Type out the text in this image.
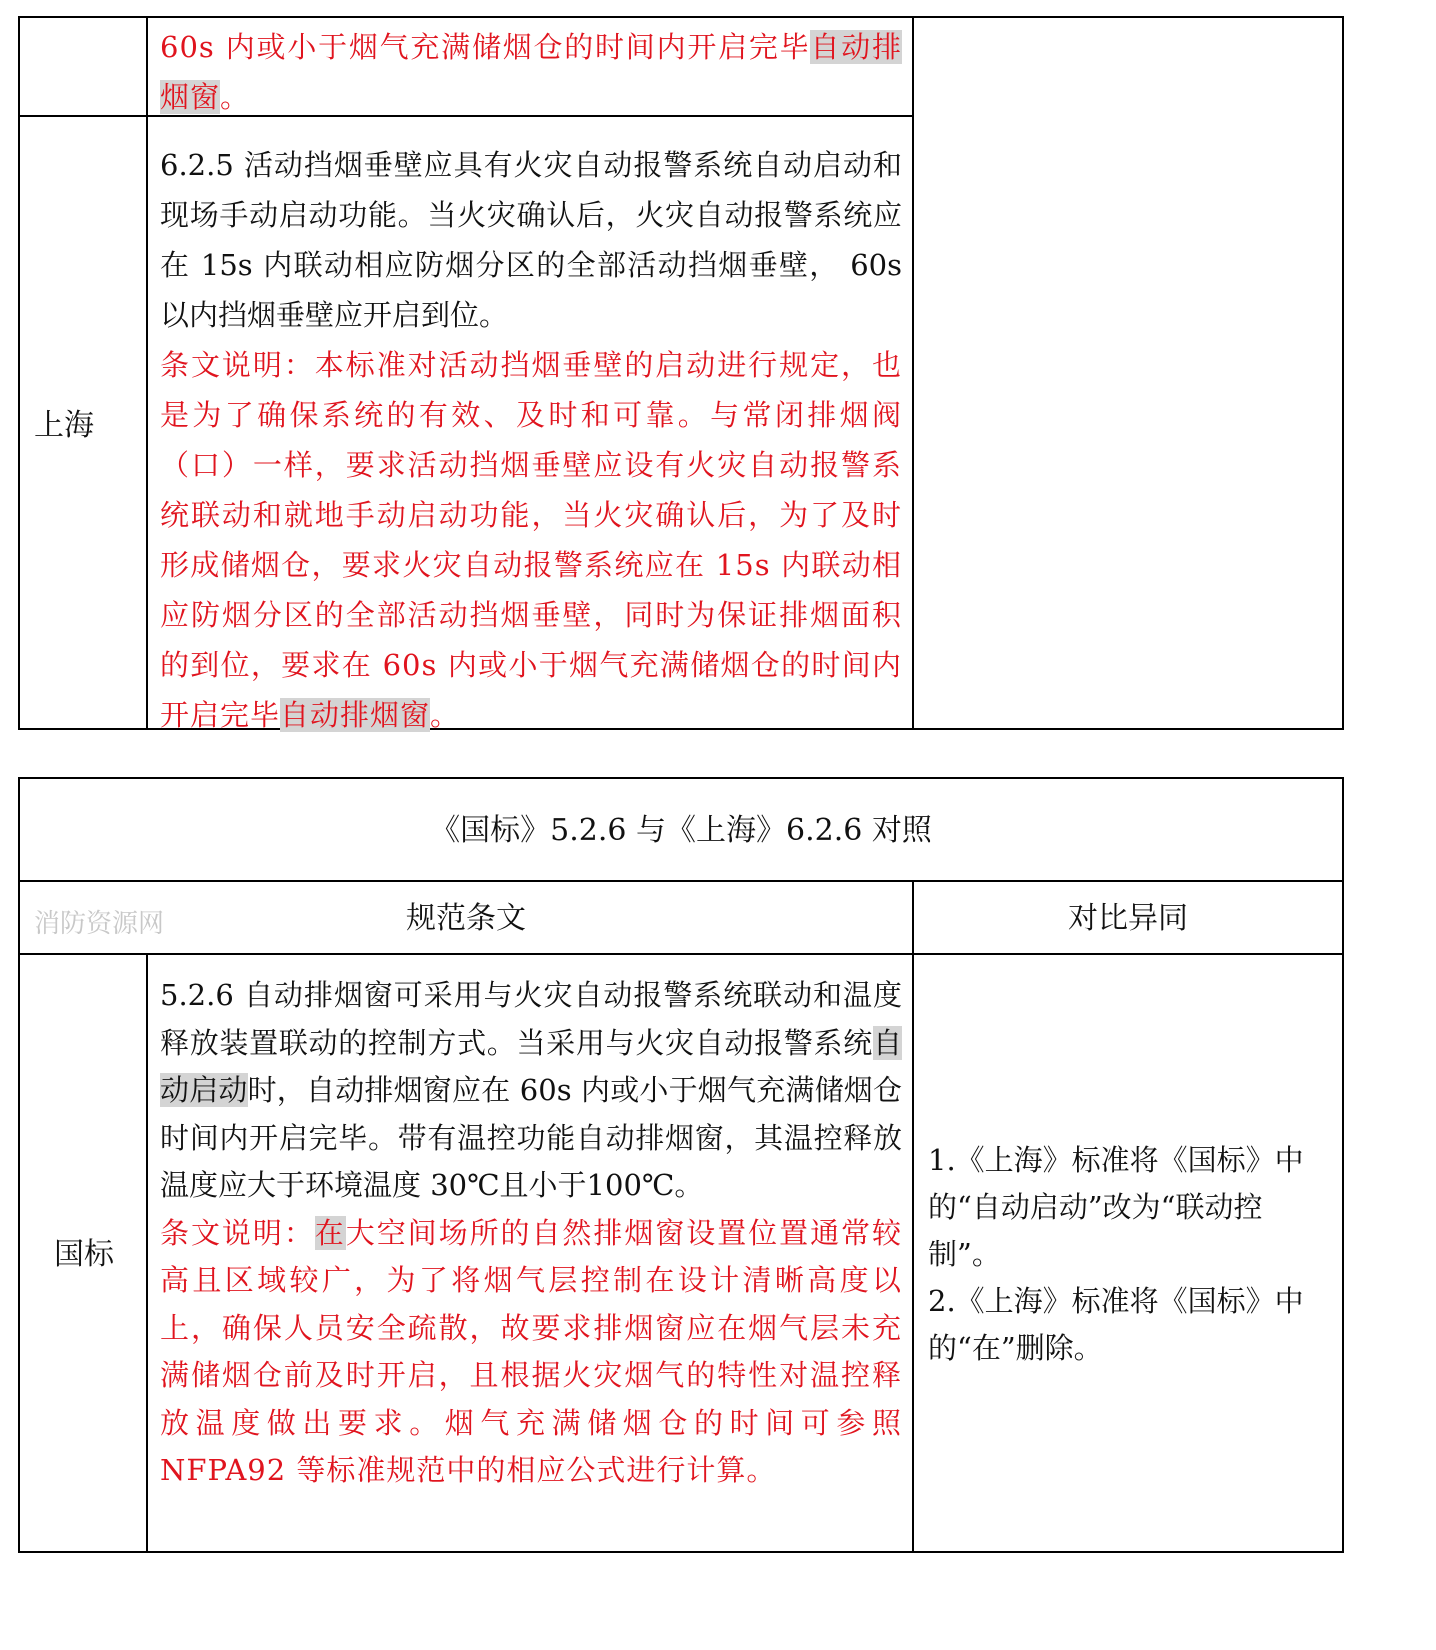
60s 内或小于烟气充满储烟仓的时间内开启完毕自动排烟窗。
上海

6.2.5 活动挡烟垂壁应具有火灾自动报警系统自动启动和现场手动启动功能。当火灾确认后，火灾自动报警系统应在 15s 内联动相应防烟分区的全部活动挡烟垂壁， 60s 以内挡烟垂壁应开启到位。

条文说明：本标准对活动挡烟垂壁的启动进行规定，也是为了确保系统的有效、及时和可靠。与常闭排烟阀（口）一样，要求活动挡烟垂壁应设有火灾自动报警系统联动和就地手动启动功能，当火灾确认后，为了及时形成储烟仓，要求火灾自动报警系统应在 15s 内联动相应防烟分区的全部活动挡烟垂壁，同时为保证排烟面积的到位，要求在 60s 内或小于烟气充满储烟仓的时间内开启完毕自动排烟窗。

《国标》5.2.6 与《上海》6.2.6 对照
消防资源网	规范条文	对比异同
国标

5.2.6 自动排烟窗可采用与火灾自动报警系统联动和温度释放装置联动的控制方式。当采用与火灾自动报警系统自动启动时，自动排烟窗应在 60s 内或小于烟气充满储烟仓时间内开启完毕。带有温控功能自动排烟窗，其温控释放温度应大于环境温度 30℃且小于100℃。

条文说明：在大空间场所的自然排烟窗设置位置通常较高且区域较广，为了将烟气层控制在设计清晰高度以上，确保人员安全疏散，故要求排烟窗应在烟气层未充满储烟仓前及时开启，且根据火灾烟气的特性对温控释放温度做出要求。烟气充满储烟仓的时间可参照 NFPA92 等标准规范中的相应公式进行计算。

1.《上海》标准将《国标》中的“自动启动”改为“联动控制”。

2.《上海》标准将《国标》中的“在”删除。
